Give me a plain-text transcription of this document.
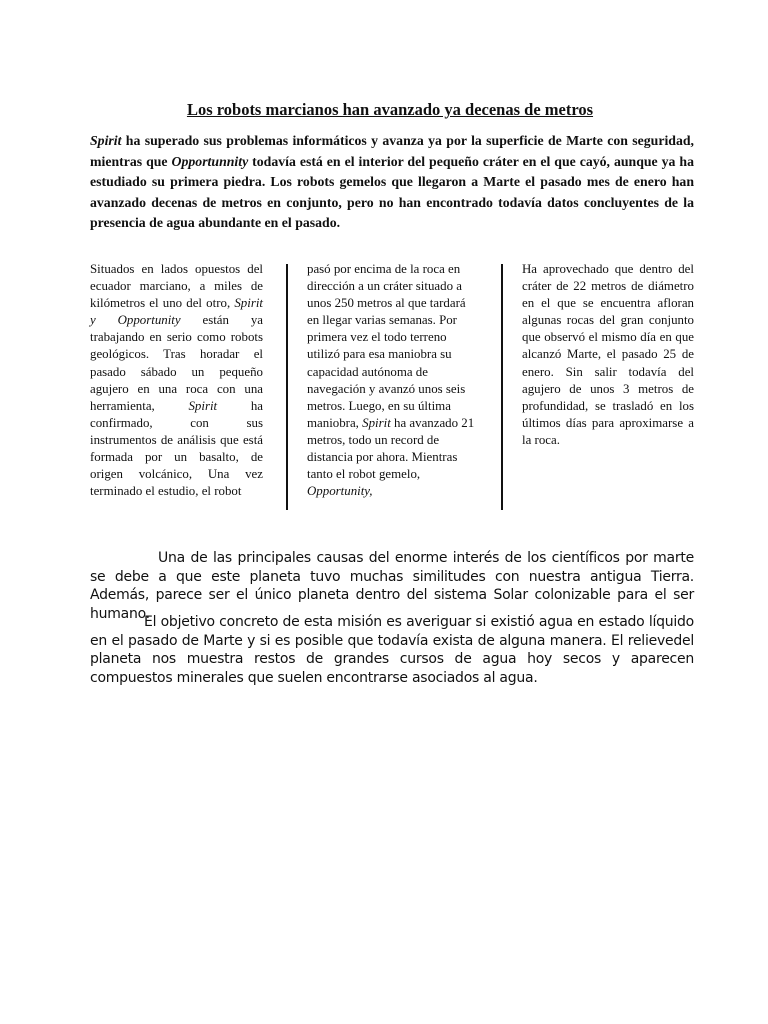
Los robots marcianos han avanzado ya decenas de metros

Spirit ha superado sus problemas informáticos y avanza ya por la superficie de Marte con seguridad, mientras que Opportunnity todavía está en el interior del pequeño cráter en el que cayó, aunque ya ha estudiado su primera piedra. Los robots gemelos que llegaron a Marte el pasado mes de enero han avanzado decenas de metros en conjunto, pero no han encontrado todavía datos concluyentes de la presencia de agua abundante en el pasado.

Situados en lados opuestos del ecuador marciano, a miles de kilómetros el uno del otro, Spirit y Opportunity están ya trabajando en serio como robots geológicos. Tras horadar el pasado sábado un pequeño agujero en una roca con una herramienta, Spirit ha confirmado, con sus instrumentos de análisis que está formada por un basalto, de origen volcánico, Una vez terminado el estudio, el robot

pasó por encima de la roca en dirección a un cráter situado a unos 250 metros al que tardará en llegar varias semanas. Por primera vez el todo terreno utilizó para esa maniobra su capacidad autónoma de navegación y avanzó unos seis metros. Luego, en su última maniobra, Spirit ha avanzado 21 metros, todo un record de distancia por ahora. Mientras tanto el robot gemelo, Opportunity,

Ha aprovechado que dentro del cráter de 22 metros de diámetro en el que se encuentra afloran algunas rocas del gran conjunto que observó el mismo día en que alcanzó Marte, el pasado 25 de enero. Sin salir todavía del agujero de unos 3 metros de profundidad, se trasladó en los últimos días para aproximarse a la roca.

Una de las principales causas del enorme interés de los científicos por marte se debe a que este planeta tuvo muchas similitudes con nuestra antigua Tierra. Además, parece ser el único planeta dentro del sistema Solar colonizable para el ser humano.

El objetivo concreto de esta misión es averiguar si existió agua en estado líquido en el pasado de Marte y si es posible que todavía exista de alguna manera. El relievedel planeta nos muestra restos de grandes cursos de agua hoy secos y aparecen compuestos minerales que suelen encontrarse asociados al agua.
